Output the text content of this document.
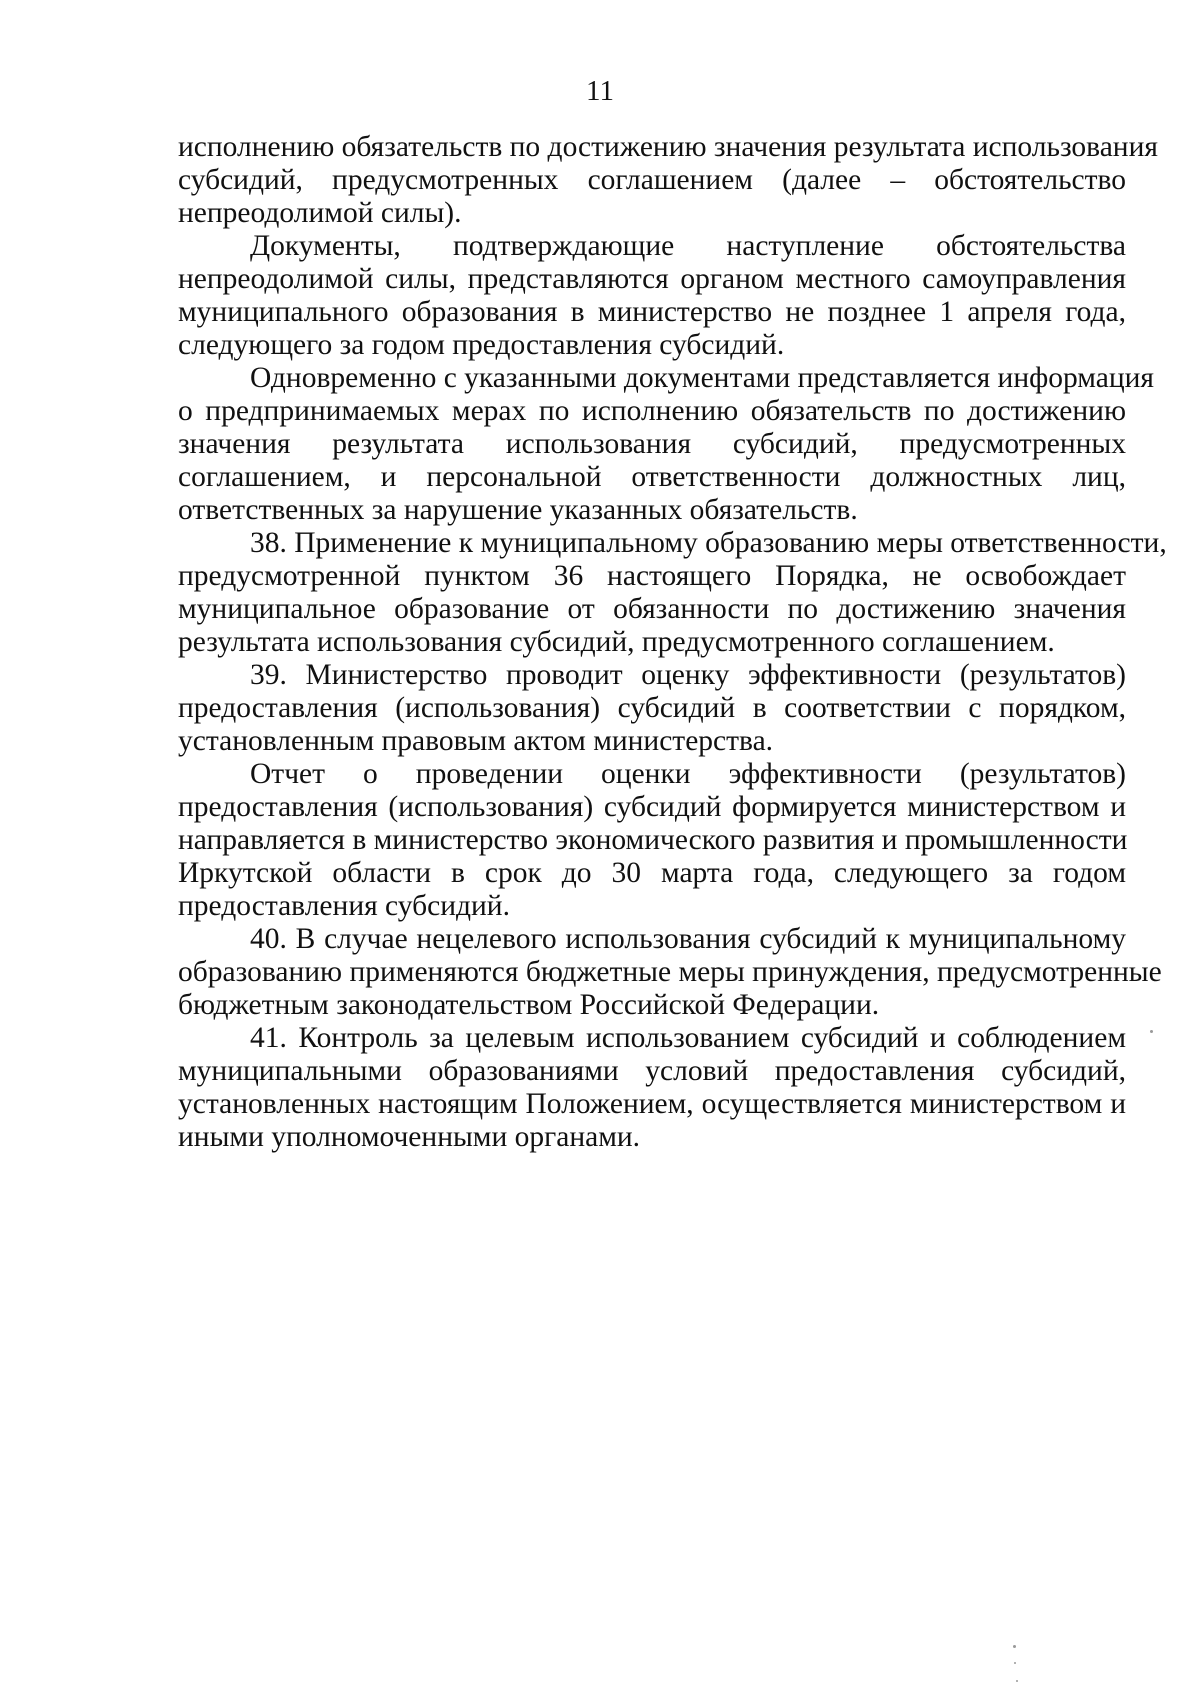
11

исполнению обязательств по достижению значения результата использования
субсидий, предусмотренных соглашением (далее – обстоятельство
непреодолимой силы).

Документы, подтверждающие наступление обстоятельства
непреодолимой силы, представляются органом местного самоуправления
муниципального образования в министерство не позднее 1 апреля года,
следующего за годом предоставления субсидий.

Одновременно с указанными документами представляется информация
о предпринимаемых мерах по исполнению обязательств по достижению
значения результата использования субсидий, предусмотренных
соглашением, и персональной ответственности должностных лиц,
ответственных за нарушение указанных обязательств.

38. Применение к муниципальному образованию меры ответственности,
предусмотренной пунктом 36 настоящего Порядка, не освобождает
муниципальное образование от обязанности по достижению значения
результата использования субсидий, предусмотренного соглашением.

39. Министерство проводит оценку эффективности (результатов)
предоставления (использования) субсидий в соответствии с порядком,
установленным правовым актом министерства.

Отчет о проведении оценки эффективности (результатов)
предоставления (использования) субсидий формируется министерством и
направляется в министерство экономического развития и промышленности
Иркутской области в срок до 30 марта года, следующего за годом
предоставления субсидий.

40. В случае нецелевого использования субсидий к муниципальному
образованию применяются бюджетные меры принуждения, предусмотренные
бюджетным законодательством Российской Федерации.

41. Контроль за целевым использованием субсидий и соблюдением
муниципальными образованиями условий предоставления субсидий,
установленных настоящим Положением, осуществляется министерством и
иными уполномоченными органами.
